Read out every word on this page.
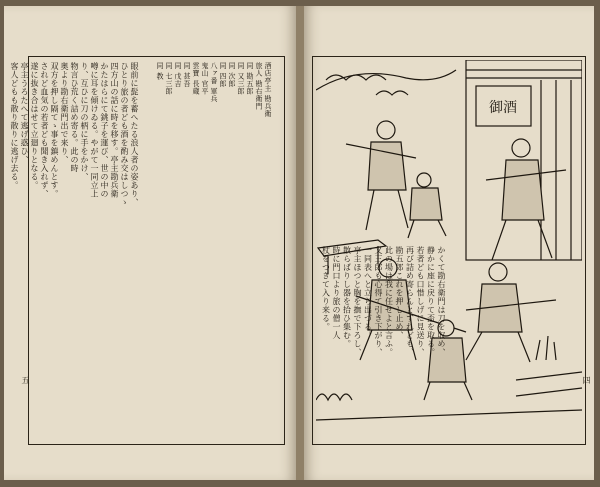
五
酒店亭主 勘兵衛
旅人 勘右衛門
同 勘五郎
同 又三郎
同 次郎
同 四郎
八ァ番 軍兵
鬼山 官平
雲寶 長蔵
同 甚吾
同 戊吉
同 七三郎
同 教
眼前に髭を蓄へたる浪人者の姿あり、
ひとり旅の者ども酒を酌み交はしつゝ
四方山の話に時を移す。亭主勘兵衛
かたはらにて銚子を運び、世の中の
噂に耳を傾けゐる。やがて一同立上
り、互ひに刀の柄に手をかけ、
物言ひ荒く詰め寄る。此の時
奥より勘右衛門出で来り、
双方を押し隔てゝ事を鎮めんとす。
されど血気の若者ども聞き入れず、
遂に抜き合はせて立廻りとなる。
亭主うろたへて逃げ惑ひ、
客人どもも散り散りに逃げ去る。
四
御酒
かくて勘右衛門は刀を収め、
静かに座に戻りて盃を取る。
若者ども口惜しげに見送り、
再び詰め寄らんとすれども、
勘五郎これを押し止め、
此の場は我に任せよと言ふ。
又三郎も心得て引き下がり、
一同表へと立ち出づる。
亭主ほつと胸を撫で下ろし、
散らばりし器を拾ひ集む。
時に門口より旅の僧一人
杖をつきて入り来る。
